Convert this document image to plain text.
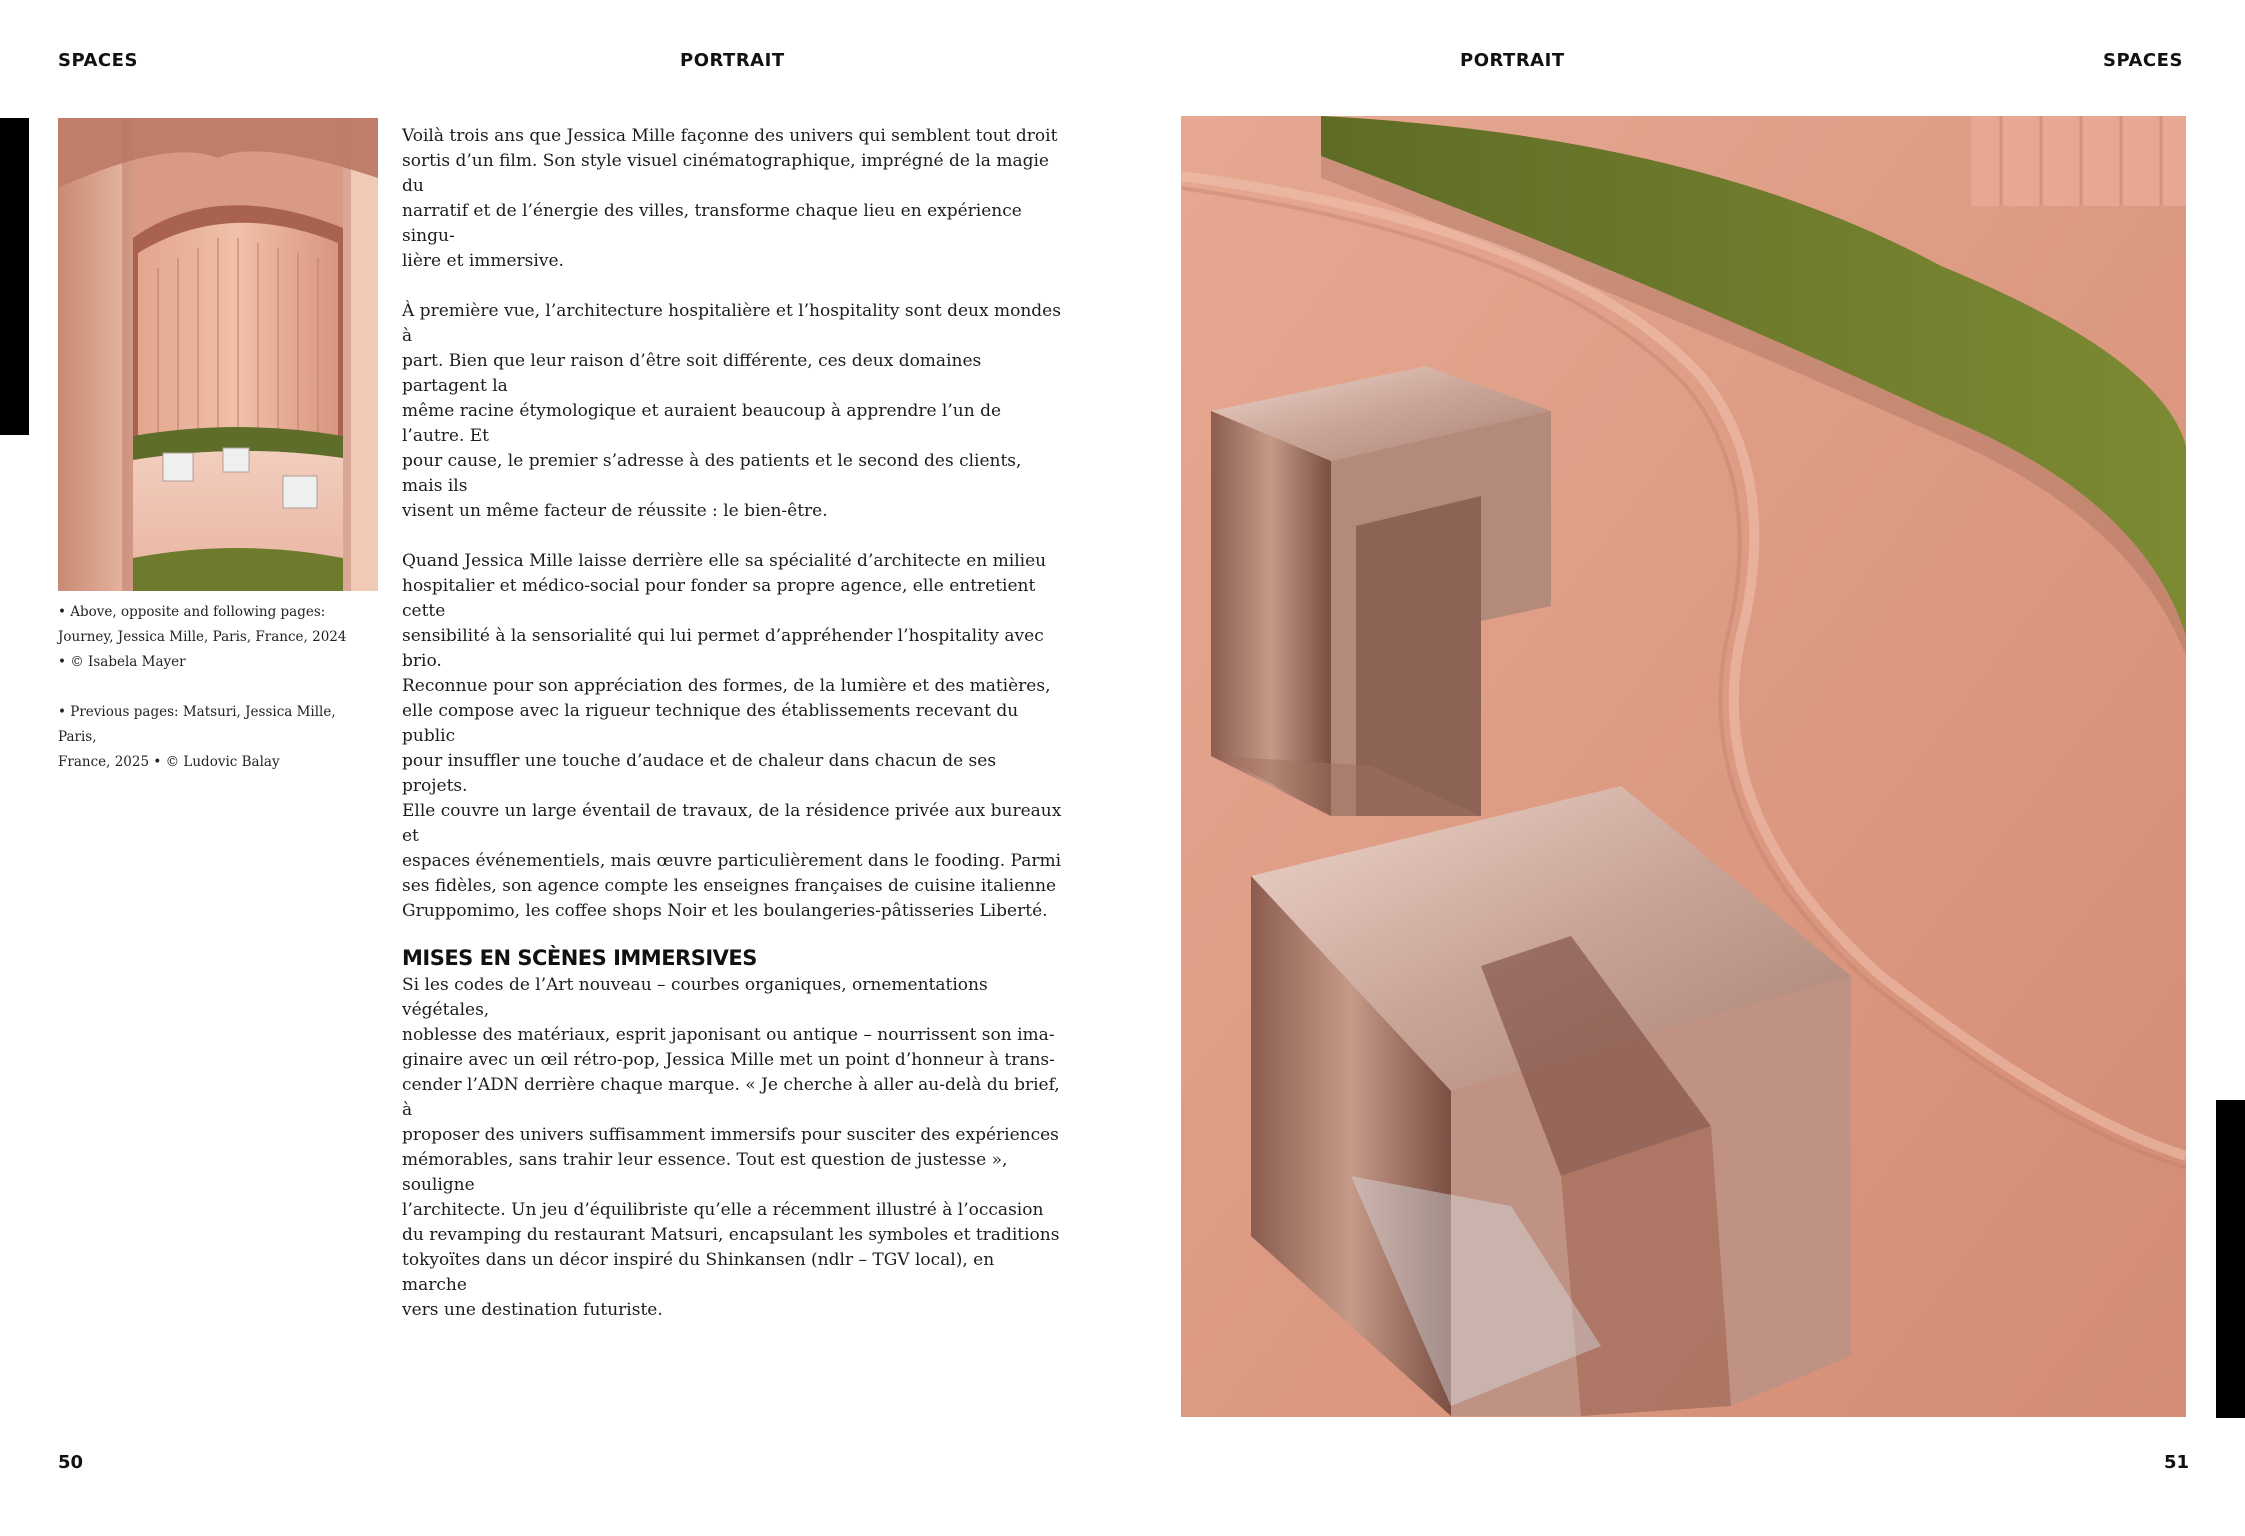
SPACES	PORTRAIT	PORTRAIT	SPACES
• Above, opposite and following pages:
Journey, Jessica Mille, Paris, France, 2024
• © Isabela Mayer
• Previous pages: Matsuri, Jessica Mille, Paris,
France, 2025 • © Ludovic Balay

Voilà trois ans que Jessica Mille façonne des univers qui semblent tout droit
sortis d’un film. Son style visuel cinématographique, imprégné de la magie du
narratif et de l’énergie des villes, transforme chaque lieu en expérience singu-
lière et immersive.

À première vue, l’architecture hospitalière et l’hospitality sont deux mondes à
part. Bien que leur raison d’être soit différente, ces deux domaines partagent la
même racine étymologique et auraient beaucoup à apprendre l’un de l’autre. Et
pour cause, le premier s’adresse à des patients et le second des clients, mais ils
visent un même facteur de réussite : le bien-être.

Quand Jessica Mille laisse derrière elle sa spécialité d’architecte en milieu
hospitalier et médico-social pour fonder sa propre agence, elle entretient cette
sensibilité à la sensorialité qui lui permet d’appréhender l’hospitality avec brio.
Reconnue pour son appréciation des formes, de la lumière et des matières,
elle compose avec la rigueur technique des établissements recevant du public
pour insuffler une touche d’audace et de chaleur dans chacun de ses projets.
Elle couvre un large éventail de travaux, de la résidence privée aux bureaux et
espaces événementiels, mais œuvre particulièrement dans le fooding. Parmi
ses fidèles, son agence compte les enseignes françaises de cuisine italienne
Gruppomimo, les coffee shops Noir et les boulangeries-pâtisseries Liberté.

MISES EN SCÈNES IMMERSIVES

Si les codes de l’Art nouveau – courbes organiques, ornementations végétales,
noblesse des matériaux, esprit japonisant ou antique – nourrissent son ima-
ginaire avec un œil rétro-pop, Jessica Mille met un point d’honneur à trans-
cender l’ADN derrière chaque marque. « Je cherche à aller au-delà du brief, à
proposer des univers suffisamment immersifs pour susciter des expériences
mémorables, sans trahir leur essence. Tout est question de justesse », souligne
l’architecte. Un jeu d’équilibriste qu’elle a récemment illustré à l’occasion
du revamping du restaurant Matsuri, encapsulant les symboles et traditions
tokyoïtes dans un décor inspiré du Shinkansen (ndlr – TGV local), en marche
vers une destination futuriste.

50	51
